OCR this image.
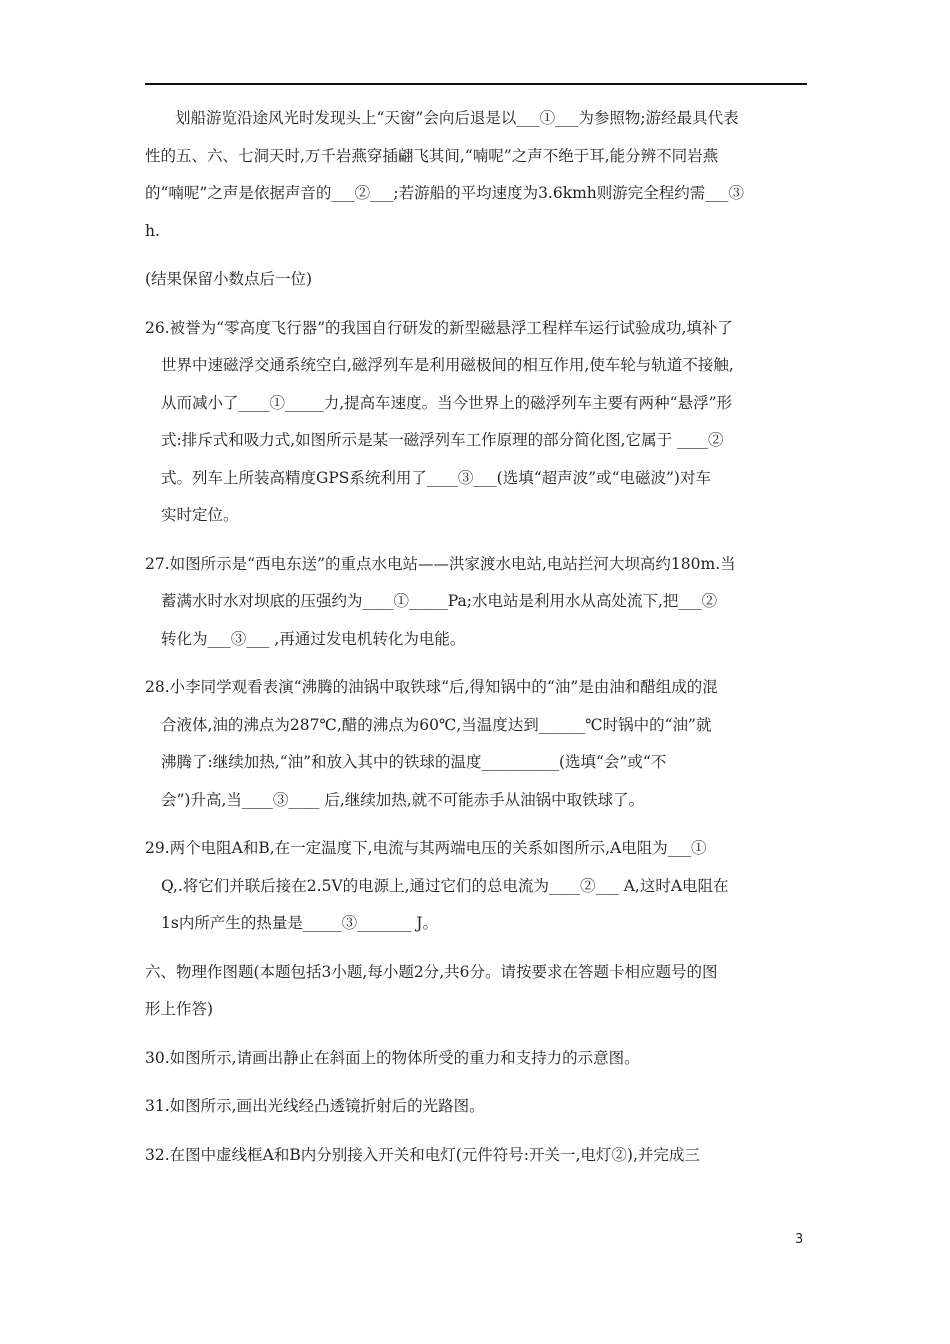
划船游览沿途风光时发现头上“天窗”会向后退是以___①___为参照物;游经最具代表
性的五、六、七洞天时,万千岩燕穿插翩飞其间,“喃呢”之声不绝于耳,能分辨不同岩燕
的“喃呢”之声是依据声音的___②___;若游船的平均速度为3.6kmh则游完全程约需___③
h.
(结果保留小数点后一位)
26.被誉为“零高度飞行器”的我国自行研发的新型磁悬浮工程样车运行试验成功,填补了
世界中速磁浮交通系统空白,磁浮列车是利用磁极间的相互作用,使车轮与轨道不接触,
从而减小了____①_____力,提高车速度。当今世界上的磁浮列车主要有两种“悬浮”形
式:排斥式和吸力式,如图所示是某一磁浮列车工作原理的部分简化图,它属于 ____②
式。列车上所装高精度GPS系统利用了____③___(选填“超声波”或“电磁波”)对车
实时定位。
27.如图所示是“西电东送”的重点水电站——洪家渡水电站,电站拦河大坝高约180m.当
蓄满水时水对坝底的压强约为____①_____Pa;水电站是利用水从高处流下,把___②
转化为___③___ ,再通过发电机转化为电能。
28.小李同学观看表演“沸腾的油锅中取铁球“后,得知锅中的“油”是由油和醋组成的混
合液体,油的沸点为287℃,醋的沸点为60℃,当温度达到______℃时锅中的“油”就
沸腾了:继续加热,“油”和放入其中的铁球的温度__________(选填“会”或“不
会”)升高,当____③____ 后,继续加热,就不可能赤手从油锅中取铁球了。
29.两个电阻A和B,在一定温度下,电流与其两端电压的关系如图所示,A电阻为___①
Q,.将它们并联后接在2.5V的电源上,通过它们的总电流为____②___ A,这时A电阻在
1s内所产生的热量是_____③_______ J。
六、物理作图题(本题包括3小题,每小题2分,共6分。请按要求在答题卡相应题号的图
形上作答)
30.如图所示,请画出静止在斜面上的物体所受的重力和支持力的示意图。
31.如图所示,画出光线经凸透镜折射后的光路图。
32.在图中虚线框A和B内分别接入开关和电灯(元件符号:开关一,电灯②),并完成三
3
